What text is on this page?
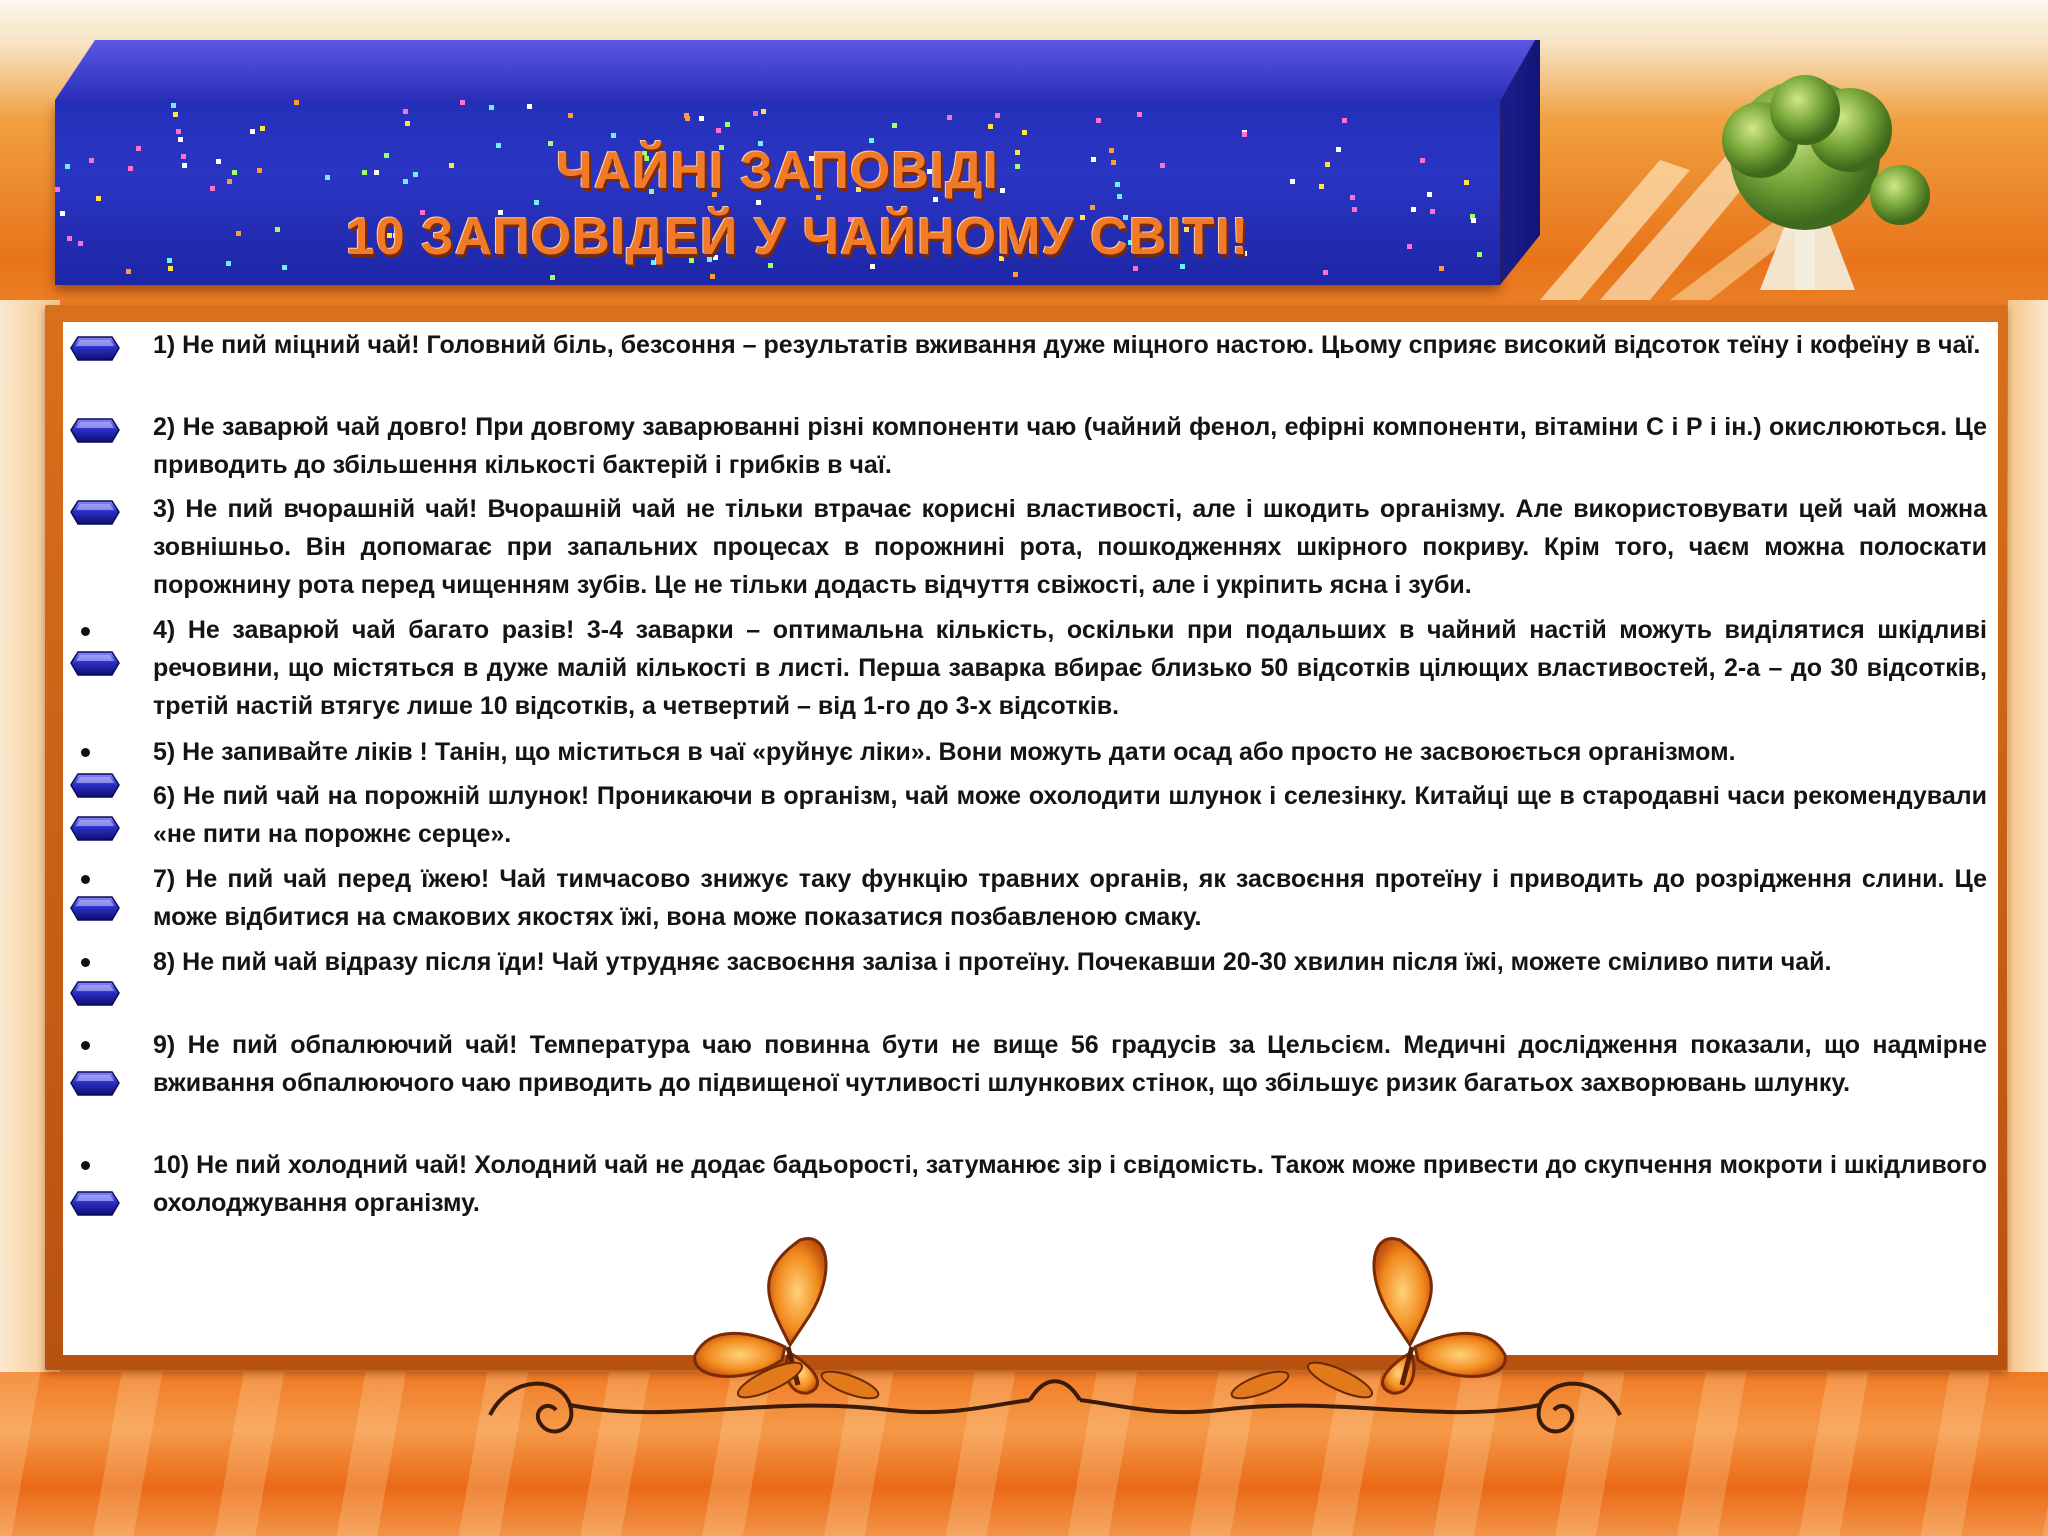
ЧАЙНІ ЗАПОВІДІ
10 ЗАПОВІДЕЙ У ЧАЙНОМУ СВІТІ!

1) Не пий міцний чай! Головний біль, безсоння – результатів вживання дуже міцного настою. Цьому сприяє високий відсоток теїну і кофеїну в чаї.

2) Не заварюй чай довго! При довгому заварюванні різні компоненти чаю (чайний фенол, ефірні компоненти, вітаміни С і Р і ін.) окислюються. Це приводить до збільшення кількості бактерій і грибків в чаї.

3) Не пий вчорашній чай! Вчорашній чай не тільки втрачає корисні властивості, але і шкодить організму. Але використовувати цей чай можна зовнішньо. Він допомагає при запальних процесах в порожнині рота, пошкодженнях шкірного покриву. Крім того, чаєм можна полоскати порожнину рота перед чищенням зубів. Це не тільки додасть відчуття свіжості, але і укріпить ясна і зуби.

4) Не заварюй чай багато разів! 3-4 заварки – оптимальна кількість, оскільки при подальших в чайний настій можуть виділятися шкідливі речовини, що містяться в дуже малій кількості в листі. Перша заварка вбирає близько 50 відсотків цілющих властивостей, 2-а – до 30 відсотків, третій настій втягує лише 10 відсотків, а четвертий – від 1-го до 3-х відсотків.

5) Не запивайте ліків ! Танін, що міститься в чаї «руйнує ліки». Вони можуть дати осад або просто не засвоюється організмом.

6) Не пий чай на порожній шлунок! Проникаючи в організм, чай може охолодити шлунок і селезінку. Китайці ще в стародавні часи рекомендували «не пити на порожнє серце».

7) Не пий чай перед їжею! Чай тимчасово знижує таку функцію травних органів, як засвоєння протеїну і приводить до розрідження слини. Це може відбитися на смакових якостях їжі, вона може показатися позбавленою смаку.

8) Не пий чай відразу після їди! Чай утрудняє засвоєння заліза і протеїну. Почекавши 20-30 хвилин після їжі, можете сміливо пити чай.

9) Не пий обпалюючий чай! Температура чаю повинна бути не вище 56 градусів за Цельсієм. Медичні дослідження показали, що надмірне вживання обпалюючого чаю приводить до підвищеної чутливості шлункових стінок, що збільшує ризик багатьох захворювань шлунку.

10) Не пий холодний чай! Холодний чай не додає бадьорості, затуманює зір і свідомість. Також може привести до скупчення мокроти і шкідливого охолоджування організму.
